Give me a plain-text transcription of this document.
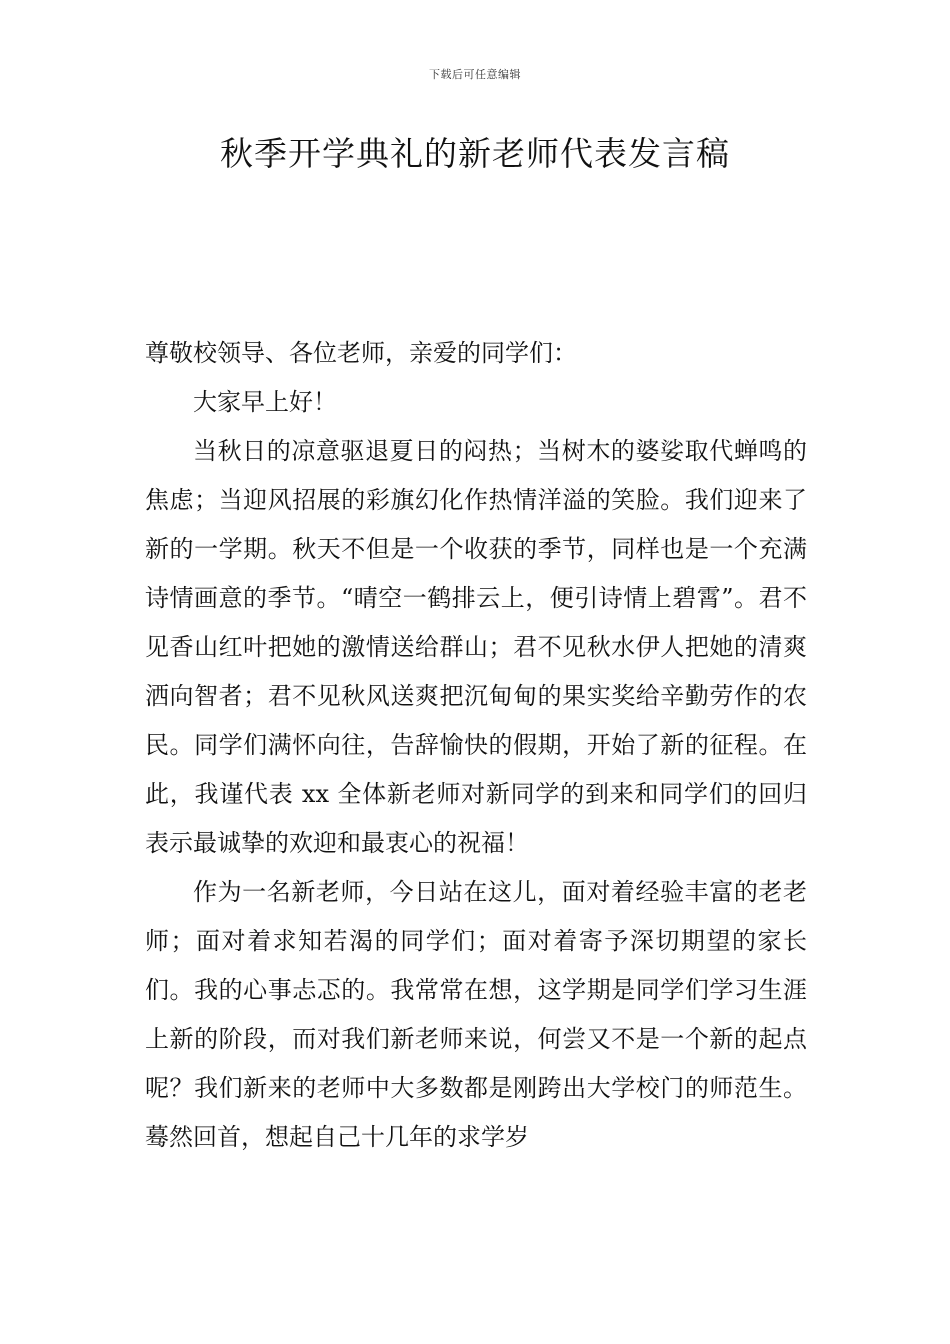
下载后可任意编辑
秋季开学典礼的新老师代表发言稿

尊敬校领导、各位老师，亲爱的同学们：

大家早上好！

当秋日的凉意驱退夏日的闷热；当树木的婆娑取代蝉鸣的焦虑；当迎风招展的彩旗幻化作热情洋溢的笑脸。我们迎来了新的一学期。秋天不但是一个收获的季节，同样也是一个充满诗情画意的季节。“晴空一鹤排云上，便引诗情上碧霄”。君不见香山红叶把她的激情送给群山；君不见秋水伊人把她的清爽洒向智者；君不见秋风送爽把沉甸甸的果实奖给辛勤劳作的农民。同学们满怀向往，告辞愉快的假期，开始了新的征程。在此，我谨代表 xx 全体新老师对新同学的到来和同学们的回归表示最诚挚的欢迎和最衷心的祝福！

作为一名新老师，今日站在这儿，面对着经验丰富的老老师；面对着求知若渴的同学们；面对着寄予深切期望的家长们。我的心事忐忑的。我常常在想，这学期是同学们学习生涯上新的阶段，而对我们新老师来说，何尝又不是一个新的起点呢？我们新来的老师中大多数都是刚跨出大学校门的师范生。蓦然回首，想起自己十几年的求学岁
